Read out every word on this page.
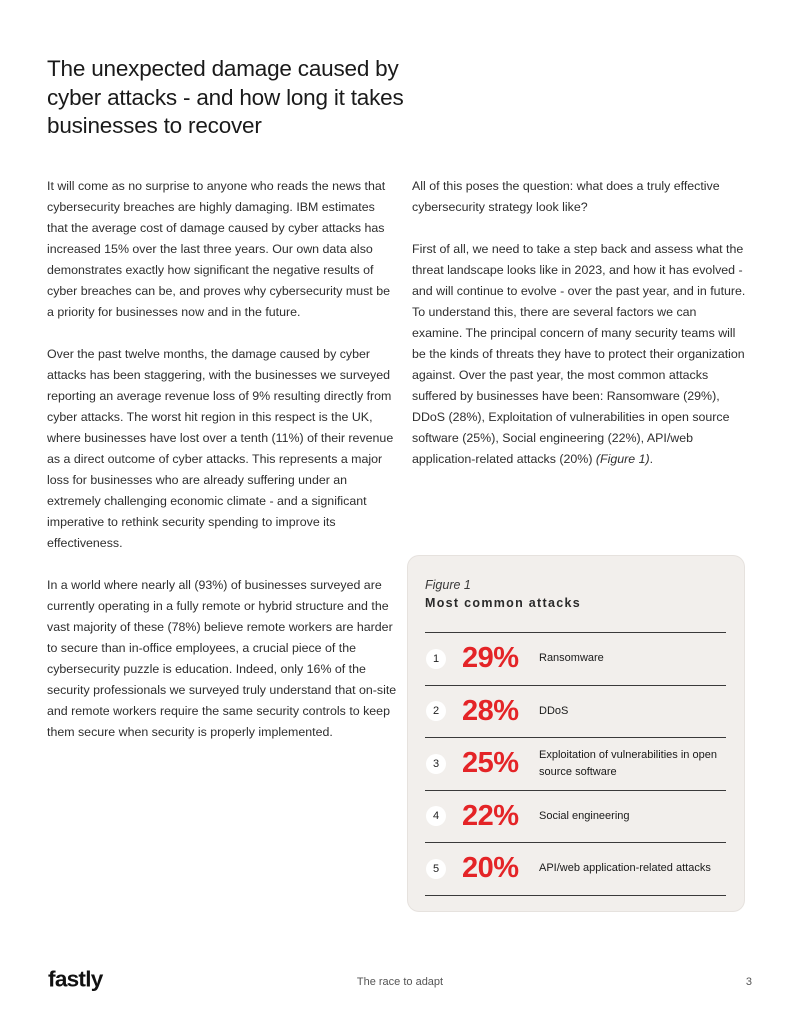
The unexpected damage caused by cyber attacks - and how long it takes businesses to recover

It will come as no surprise to anyone who reads the news that cybersecurity breaches are highly damaging. IBM estimates that the average cost of damage caused by cyber attacks has increased 15% over the last three years. Our own data also demonstrates exactly how significant the negative results of cyber breaches can be, and proves why cybersecurity must be a priority for businesses now and in the future.

Over the past twelve months, the damage caused by cyber attacks has been staggering, with the businesses we surveyed reporting an average revenue loss of 9% resulting directly from cyber attacks. The worst hit region in this respect is the UK, where businesses have lost over a tenth (11%) of their revenue as a direct outcome of cyber attacks. This represents a major loss for businesses who are already suffering under an extremely challenging economic climate - and a significant imperative to rethink security spending to improve its effectiveness.

In a world where nearly all (93%) of businesses surveyed are currently operating in a fully remote or hybrid structure and the vast majority of these (78%) believe remote workers are harder to secure than in-office employees, a crucial piece of the cybersecurity puzzle is education. Indeed, only 16% of the security professionals we surveyed truly understand that on-site and remote workers require the same security controls to keep them secure when security is properly implemented.

All of this poses the question: what does a truly effective cybersecurity strategy look like?

First of all, we need to take a step back and assess what the threat landscape looks like in 2023, and how it has evolved - and will continue to evolve - over the past year, and in future. To understand this, there are several factors we can examine. The principal concern of many security teams will be the kinds of threats they have to protect their organization against. Over the past year, the most common attacks suffered by businesses have been: Ransomware (29%), DDoS (28%), Exploitation of vulnerabilities in open source software (25%), Social engineering (22%), API/web application-related attacks (20%) (Figure 1).

Figure 1
Most common attacks
1 29% Ransomware
2 28% DDoS
3 25% Exploitation of vulnerabilities in open source software
4 22% Social engineering
5 20% API/web application-related attacks
fastly	The race to adapt	3
